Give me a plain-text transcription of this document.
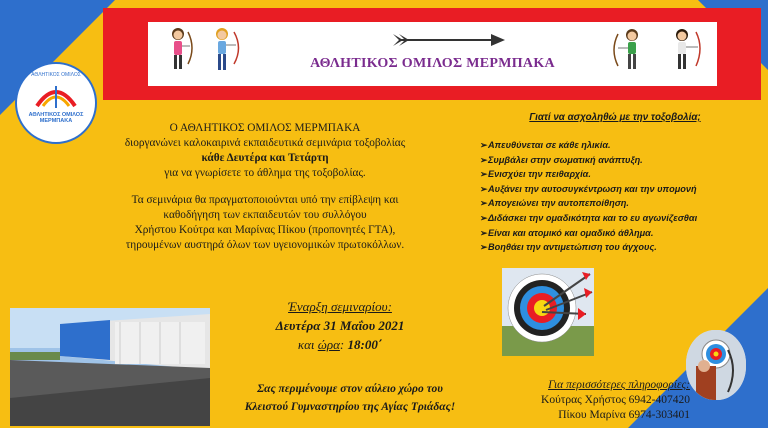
ΑΘΛΗΤΙΚΟΣ ΟΜΙΛΟΣ ΜΕΡΜΠΑΚΑ
ΑΘΛΗΤΙΚΟΣ ΟΜΙΛΟΣ
ΑΘΛΗΤΙΚΟΣ ΟΜΙΛΟΣ
ΜΕΡΜΠΑΚΑ

Ο ΑΘΛΗΤΙΚΟΣ ΟΜΙΛΟΣ ΜΕΡΜΠΑΚΑ

διοργανώνει καλοκαιρινά εκπαιδευτικά σεμινάρια τοξοβολίας

κάθε Δευτέρα και Τετάρτη

για να γνωρίσετε το άθλημα της τοξοβολίας.

Τα σεμινάρια θα πραγματοποιούνται υπό την επίβλεψη και

καθοδήγηση των εκπαιδευτών του συλλόγου

Χρήστου Κούτρα και Μαρίνας Πίκου (προπονητές ΓΤΑ),

τηρουμένων αυστηρά όλων των υγειονομικών πρωτοκόλλων.

Γιατί να ασχοληθώ με την τοξοβολία;
➢ Απευθύνεται σε κάθε ηλικία.
➢ Συμβάλει στην σωματική ανάπτυξη.
➢ Ενισχύει την πειθαρχία.
➢ Αυξάνει την αυτοσυγκέντρωση και την υπομονή
➢ Απογειώνει την αυτοπεποίθηση.
➢ Διδάσκει την ομαδικότητα και το ευ αγωνίζεσθαι
➢ Είναι και ατομικό και ομαδικό άθλημα.
➢ Βοηθάει την αντιμετώπιση του άγχους.
Έναρξη σεμιναρίου:
Δευτέρα 31 Μαΐου 2021
και ώρα: 18:00΄
Σας περιμένουμε στον αύλειο χώρο του
Κλειστού Γυμναστηρίου της Αγίας Τριάδας!
Για περισσότερες πληροφορίες:
Κούτρας Χρήστος 6942-407420
Πίκου Μαρίνα 6974-303401
